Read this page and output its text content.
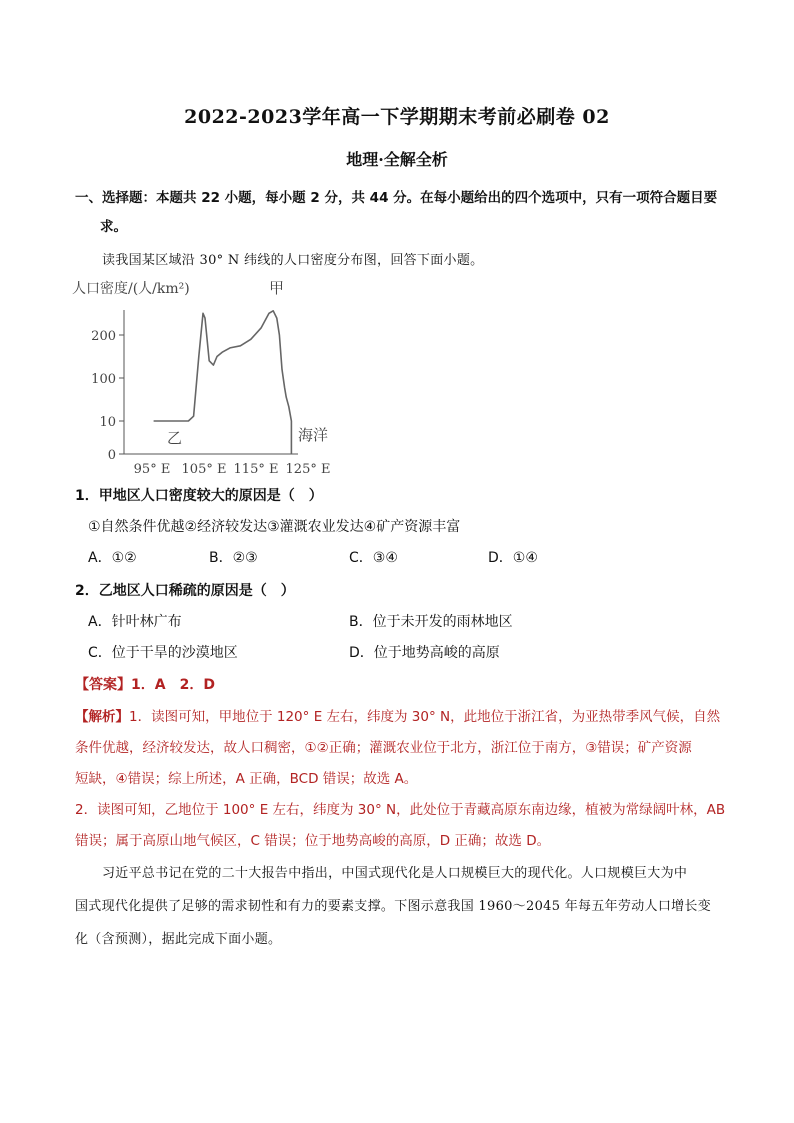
2022-2023学年高一下学期期末考前必刷卷 02
地理·全解全析
一、选择题：本题共 22 小题，每小题 2 分，共 44 分。在每小题给出的四个选项中，只有一项符合题目要
求。
读我国某区域沿 30° N 纬线的人口密度分布图，回答下面小题。
人口密度/(人/km²)
0
10
100
200
95° E 105° E 115° E 125° E
甲
乙	海洋
1．甲地区人口密度较大的原因是（　）
①自然条件优越②经济较发达③灌溉农业发达④矿产资源丰富
A．①②	B．②③	C．③④	D．①④
2．乙地区人口稀疏的原因是（　）
A．针叶林广布	B．位于未开发的雨林地区
C．位于干旱的沙漠地区	D．位于地势高峻的高原
【答案】1．A　2．D
【解析】1．读图可知，甲地位于 120° E 左右，纬度为 30° N，此地位于浙江省，为亚热带季风气候，自然
条件优越，经济较发达，故人口稠密，①②正确；灌溉农业位于北方，浙江位于南方，③错误；矿产资源
短缺，④错误；综上所述，A 正确，BCD 错误；故选 A。
2．读图可知，乙地位于 100° E 左右，纬度为 30° N，此处位于青藏高原东南边缘，植被为常绿阔叶林，AB
错误；属于高原山地气候区，C 错误；位于地势高峻的高原，D 正确；故选 D。
习近平总书记在党的二十大报告中指出，中国式现代化是人口规模巨大的现代化。人口规模巨大为中
国式现代化提供了足够的需求韧性和有力的要素支撑。下图示意我国 1960～2045 年每五年劳动人口增长变
化（含预测），据此完成下面小题。
